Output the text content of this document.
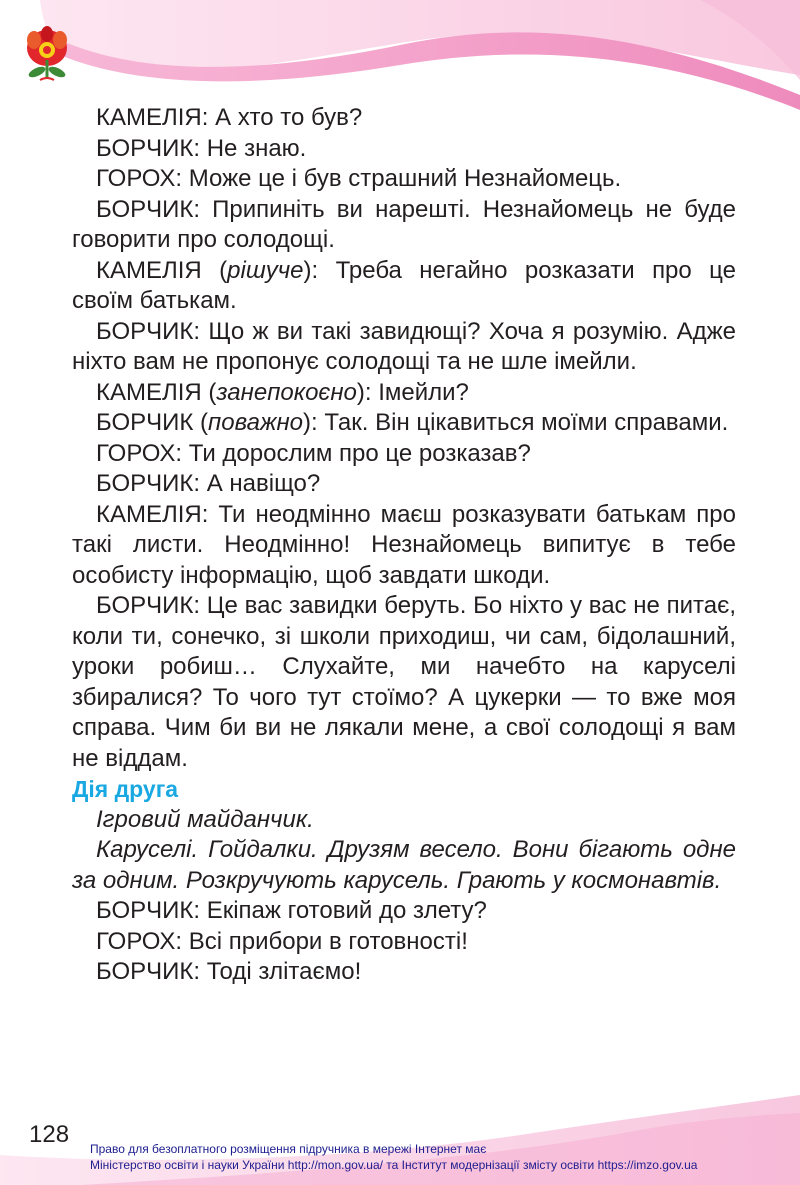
КАМЕЛІЯ: А хто то був?

БОРЧИК: Не знаю.

ГОРОХ: Може це і був страшний Незнайомець.

БОРЧИК: Припиніть ви нарешті. Незнайомець не буде говорити про солодощі.

КАМЕЛІЯ (рішуче): Треба негайно розказати про це своїм батькам.

БОРЧИК: Що ж ви такі завидющі? Хоча я розумію. Адже ніхто вам не пропонує солодощі та не шле імейли.

КАМЕЛІЯ (занепокоєно): Імейли?

БОРЧИК (поважно): Так. Він цікавиться моїми справами.

ГОРОХ: Ти дорослим про це розказав?

БОРЧИК: А навіщо?

КАМЕЛІЯ: Ти неодмінно маєш розказувати батькам про такі листи. Неодмінно! Незнайомець випитує в тебе особисту інформацію, щоб завдати шкоди.

БОРЧИК: Це вас завидки беруть. Бо ніхто у вас не питає, коли ти, сонечко, зі школи приходиш, чи сам, бідолашний, уроки робиш… Слухайте, ми начебто на каруселі збиралися? То чого тут стоїмо? А цукерки — то вже моя справа. Чим би ви не лякали мене, а свої солодощі я вам не віддам.

Дія друга

Ігровий майданчик.

Каруселі. Гойдалки. Друзям весело. Вони бігають одне за одним. Розкручують карусель. Грають у космонавтів.

БОРЧИК: Екіпаж готовий до злету?

ГОРОХ: Всі прибори в готовності!

БОРЧИК: Тоді злітаємо!

128
Право для безоплатного розміщення підручника в мережі Інтернет має
Міністерство освіти і науки України http://mon.gov.ua/ та Інститут модернізації змісту освіти https://imzo.gov.ua
